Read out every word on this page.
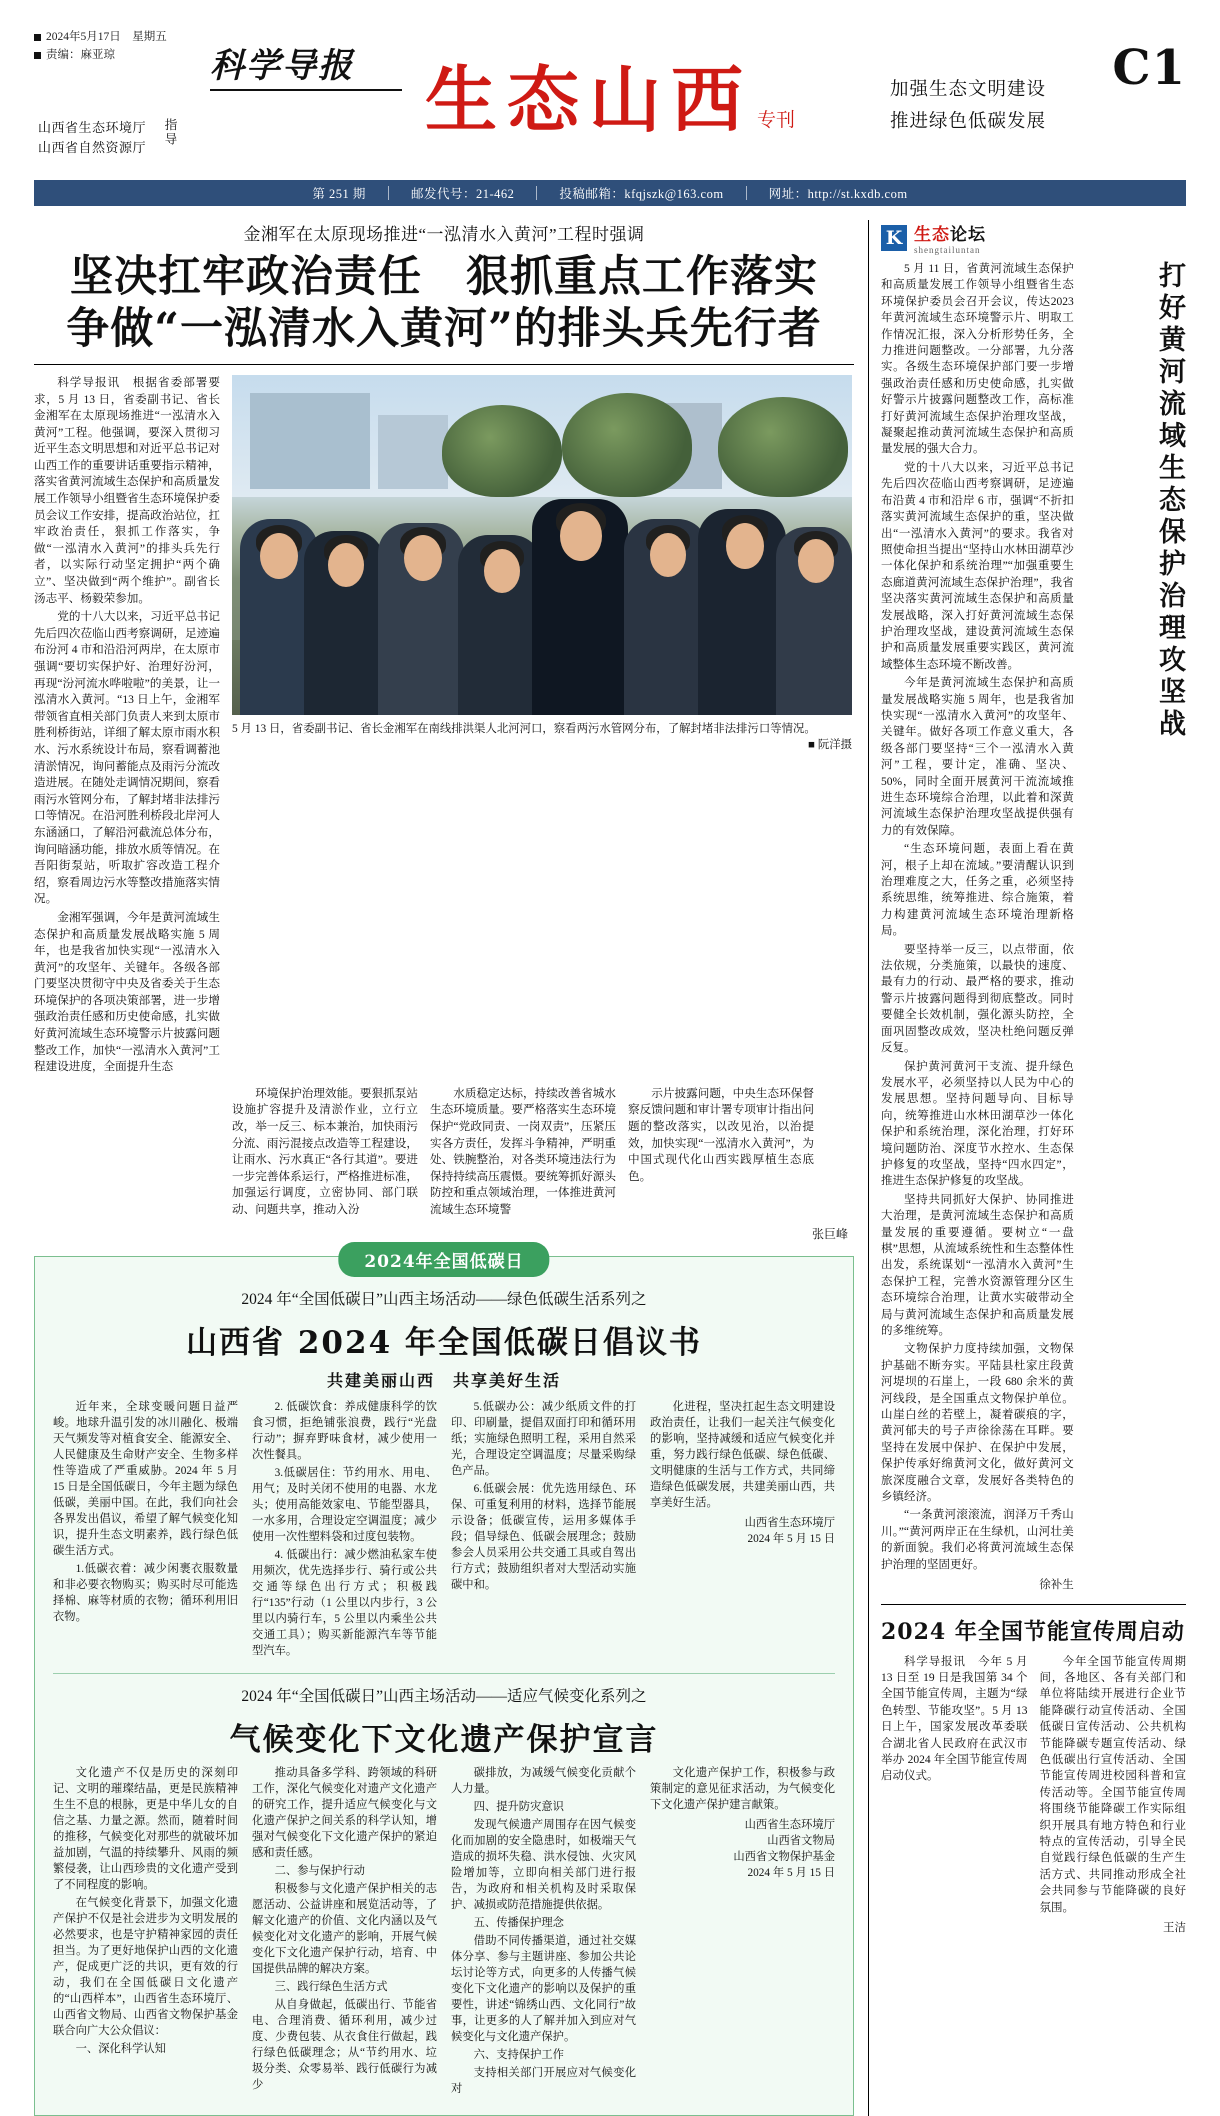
2024年5月17日　星期五
责编：麻亚琼	科学导报
山西省生态环境厅
山西省自然资源厅
指导	生态山西 专刊
加强生态文明建设
推进绿色低碳发展
C1
第 251 期	邮发代号：21-462	投稿邮箱：kfqjszk@163.com	网址：http://st.kxdb.com
金湘军在太原现场推进“一泓清水入黄河”工程时强调
坚决扛牢政治责任　狠抓重点工作落实
争做“一泓清水入黄河”的排头兵先行者

科学导报讯　根据省委部署要求，5 月 13 日，省委副书记、省长金湘军在太原现场推进“一泓清水入黄河”工程。他强调，要深入贯彻习近平生态文明思想和对近平总书记对山西工作的重要讲话重要指示精神，落实省黄河流域生态保护和高质量发展工作领导小组暨省生态环境保护委员会议工作安排，提高政治站位，扛牢政治责任，狠抓工作落实，争做“一泓清水入黄河”的排头兵先行者，以实际行动坚定拥护“两个确立”、坚决做到“两个维护”。副省长汤志平、杨毅荣参加。

党的十八大以来，习近平总书记先后四次莅临山西考察调研，足迹遍布汾河 4 市和沿沿河两岸，在太原市强调“要切实保护好、治理好汾河，再现“汾河流水哗啦啦”的美景，让一泓清水入黄河。“13 日上午，金湘军带领省直相关部门负责人来到太原市胜利桥街站，详细了解太原市雨水积水、污水系统设计布局，察看调蓄池清淤情况，询问蓄能点及雨污分流改造进展。在随处走调情况期间，察看雨污水管网分布，了解封堵非法排污口等情况。在沿河胜利桥段北岸河人东涵涵口，了解沿河截流总体分布，询问暗涵功能，排放水质等情况。在吾阳街泵站，听取扩容改造工程介绍，察看周边污水等整改措施落实情况。

金湘军强调，今年是黄河流域生态保护和高质量发展战略实施 5 周年，也是我省加快实现“一泓清水入黄河”的攻坚年、关键年。各级各部门要坚决贯彻守中央及省委关于生态环境保护的各项决策部署，进一步增强政治责任感和历史使命感，扎实做好黄河流域生态环境警示片披露问题整改工作，加快“一泓清水入黄河”工程建设进度，全面提升生态

5 月 13 日，省委副书记、省长金湘军在南线排洪渠人北河河口，察看两污水管网分布，了解封堵非法排污口等情况。
■ 阮洋摄

环境保护治理效能。要狠抓泵站设施扩容提升及清淤作业，立行立改，举一反三、标本兼治，加快雨污分流、雨污混接点改造等工程建设，让雨水、污水真正“各行其道”。要进一步完善体系运行，严格推进标准，加强运行调度，立密协同、部门联动、问题共享，推动入汾

水质稳定达标，持续改善省城水生态环境质量。要严格落实生态环境保护“党政同责、一岗双责”，压紧压实各方责任，发挥斗争精神，严明重处、铁腕整治，对各类环境违法行为保持持续高压震慑。要统筹抓好源头防控和重点领域治理，一体推进黄河流域生态环境警

示片披露问题，中央生态环保督察反馈问题和审计署专项审计指出问题的整改落实，以改见治，以治提效，加快实现“一泓清水入黄河”，为中国式现代化山西实践厚植生态底色。

张巨峰
2024年全国低碳日
2024 年“全国低碳日”山西主场活动——绿色低碳生活系列之
山西省 2024 年全国低碳日倡议书
共建美丽山西　共享美好生活

近年来，全球变暖问题日益严峻。地球升温引发的冰川融化、极端天气频发等对植食安全、能源安全、人民健康及生命财产安全、生物多样性等造成了严重威胁。2024 年 5 月 15 日是全国低碳日，今年主题为绿色低碳，美丽中国。在此，我们向社会各界发出倡议，希望了解气候变化知识，提升生态文明素养，践行绿色低碳生活方式。

1.低碳衣着：减少闲裹衣服数量和非必要衣物购买；购买时尽可能选择棉、麻等材质的衣物；循环利用旧衣物。

2. 低碳饮食：养成健康科学的饮食习惯，拒绝铺张浪费，践行“光盘行动”；摒弃野味食材，减少使用一次性餐具。

3.低碳居住：节约用水、用电、用气；及时关闭不使用的电器、水龙头；使用高能效家电、节能型器具，一水多用，合理设定空调温度；减少使用一次性塑料袋和过度包装物。

4. 低碳出行：减少燃油私家车使用频次，优先选择步行、骑行或公共交通等绿色出行方式；积极践行“135”行动（1 公里以内步行，3 公里以内骑行车，5 公里以内乘坐公共交通工具）；购买新能源汽车等节能型汽车。

5.低碳办公：减少纸质文件的打印、印刷量，提倡双面打印和循环用纸；实施绿色照明工程，采用自然采光，合理设定空调温度；尽量采购绿色产品。

6.低碳会展：优先选用绿色、环保、可重复利用的材料，选择节能展示设备；低碳宣传，运用多媒体手段；倡导绿色、低碳会展理念；鼓励参会人员采用公共交通工具或自驾出行方式；鼓励组织者对大型活动实施碳中和。

化进程，坚决扛起生态文明建设政治责任，让我们一起关注气候变化的影响，坚持减缓和适应气候变化并重，努力践行绿色低碳、绿色低碳、文明健康的生活与工作方式，共同缔造绿色低碳发展，共建美丽山西，共享美好生活。

山西省生态环境厅
2024 年 5 月 15 日
2024 年“全国低碳日”山西主场活动——适应气候变化系列之
气候变化下文化遗产保护宣言

文化遗产不仅是历史的深刻印记、文明的璀璨结晶，更是民族精神生生不息的根脉，更是中华儿女的自信之基、力量之源。然而，随着时间的推移，气候变化对那些的就破坏加益加剧，气温的持续攀升、风雨的频繁侵袭，让山西珍贵的文化遗产受到了不同程度的影响。

在气候变化背景下，加强文化遗产保护不仅是社会进步为文明发展的必然要求，也是守护精神家园的责任担当。为了更好地保护山西的文化遗产，促成更广泛的共识，更有效的行动，我们在全国低碳日文化遗产的“山西样本”，山西省生态环境厅、山西省文物局、山西省文物保护基金联合向广大公众倡议：

一、深化科学认知

推动具备多学科、跨领域的科研工作，深化气候变化对遗产文化遗产的研究工作，提升适应气候变化与文化遗产保护之间关系的科学认知，增强对气候变化下文化遗产保护的紧迫感和责任感。

二、参与保护行动

积极参与文化遗产保护相关的志愿活动、公益讲座和展览活动等，了解文化遗产的价值、文化内涵以及气候变化对文化遗产的影响，开展气候变化下文化遗产保护行动，培育、中国提供品牌的解决方案。

三、践行绿色生活方式

从自身做起，低碳出行、节能省电、合理消费、循环利用，减少过度、少费包装、从衣食住行做起，践行绿色低碳理念；从“节约用水、垃圾分类、众零易举、践行低碳行为减少

碳排放，为减缓气候变化贡献个人力量。

四、提升防灾意识

发现气候遗产周围存在因气候变化而加剧的安全隐患时，如极端天气造成的损坏失稳、洪水侵蚀、火灾风险增加等，立即向相关部门进行报告，为政府和相关机构及时采取保护、减损或防范措施提供依据。

五、传播保护理念

借助不同传播渠道，通过社交媒体分享、参与主题讲座、参加公共论坛讨论等方式，向更多的人传播气候变化下文化遗产的影响以及保护的重要性，讲述“锦绣山西、文化同行”故事，让更多的人了解并加入到应对气候变化与文化遗产保护。

六、支持保护工作

支持相关部门开展应对气候变化对

文化遗产保护工作，积极参与政策制定的意见征求活动，为气候变化下文化遗产保护建言献策。

山西省生态环境厅
山西省文物局
山西省文物保护基金
2024 年 5 月 15 日
K 生态论坛
shengtailuntan

5 月 11 日，省黄河流域生态保护和高质量发展工作领导小组暨省生态环境保护委员会召开会议，传达2023 年黄河流域生态环境警示片、明取工作情况汇报，深入分析形势任务，全力推进问题整改。一分部署，九分落实。各级生态环境保护部门要一步增强政治责任感和历史使命感，扎实做好警示片披露问题整改工作，高标准打好黄河流域生态保护治理攻坚战，凝聚起推动黄河流域生态保护和高质量发展的强大合力。

党的十八大以来，习近平总书记先后四次莅临山西考察调研，足迹遍布沿黄 4 市和沿岸 6 市，强调“不折扣落实黄河流域生态保护的重，坚决做出“一泓清水入黄河”的要求。我省对照使命担当提出“坚持山水林田湖草沙一体化保护和系统治理”“加强重要生态廊道黄河流域生态保护治理”，我省坚决落实黄河流域生态保护和高质量发展战略，深入打好黄河流域生态保护治理攻坚战，建设黄河流域生态保护和高质量发展重要实践区，黄河流域整体生态环境不断改善。

今年是黄河流域生态保护和高质量发展战略实施 5 周年，也是我省加快实现“一泓清水入黄河”的攻坚年、关键年。做好各项工作意义重大，各级各部门要坚持“三个一泓清水入黄河”工程，要计定，准确、坚决、50%，同时全面开展黄河干流流域推进生态环境综合治理，以此着和深黄河流域生态保护治理攻坚战提供强有力的有效保障。

“生态环境问题，表面上看在黄河，根子上却在流域。”要清醒认识到治理难度之大，任务之重，必须坚持系统思维，统筹推进、综合施策，着力构建黄河流域生态环境治理新格局。

要坚持举一反三，以点带面，依法依规，分类施策，以最快的速度、最有力的行动、最严格的要求，推动警示片披露问题得到彻底整改。同时要健全长效机制，强化源头防控，全面巩固整改成效，坚决杜绝问题反弹反复。

保护黄河黄河干支流、提升绿色发展水平，必须坚持以人民为中心的发展思想。坚持问题导向、目标导向，统筹推进山水林田湖草沙一体化保护和系统治理，深化治理，打好环境问题防治、深度节水控水、生态保护修复的攻坚战，坚持“四水四定”，推进生态保护修复的攻坚战。

坚持共同抓好大保护、协同推进大治理，是黄河流域生态保护和高质量发展的重要遵循。要树立“一盘棋”思想，从流域系统性和生态整体性出发，系统谋划“一泓清水入黄河”生态保护工程，完善水资源管理分区生态环境综合治理，让黄水实破带动全局与黄河流域生态保护和高质量发展的多维统筹。

文物保护力度持续加强，文物保护基础不断夯实。平陆县杜家庄段黄河堤坝的石崖上，一段 680 余米的黄河线段，是全国重点文物保护单位。山崖白丝的若壁上，凝着碳痕的字，黄河郁夫的号子声徐徐荡在耳畔。要坚持在发展中保护、在保护中发展，保护传承好绵黄河文化，做好黄河文旅深度融合文章，发展好各类特色的乡镇经济。

“一条黄河滚滚流，润泽万千秀山川。”“黄河两岸正在生绿机，山河壮美的新面貌。我们必将黄河流域生态保护治理的坚固更好。

徐补生
打好黄河流域生态保护治理攻坚战
2024 年全国节能宣传周启动

科学导报讯　今年 5 月 13 日至 19 日是我国第 34 个全国节能宣传周，主题为“绿色转型、节能攻坚”。5 月 13 日上午，国家发展改革委联合湖北省人民政府在武汉市举办 2024 年全国节能宣传周启动仪式。

今年全国节能宣传周期间，各地区、各有关部门和单位将陆续开展进行企业节能降碳行动宣传活动、全国低碳日宣传活动、公共机构节能降碳专题宣传活动、绿色低碳出行宣传活动、全国节能宣传周进校园科普和宣传活动等。全国节能宣传周将围绕节能降碳工作实际组织开展具有地方特色和行业特点的宣传活动，引导全民自觉践行绿色低碳的生产生活方式、共同推动形成全社会共同参与节能降碳的良好氛围。

王洁
